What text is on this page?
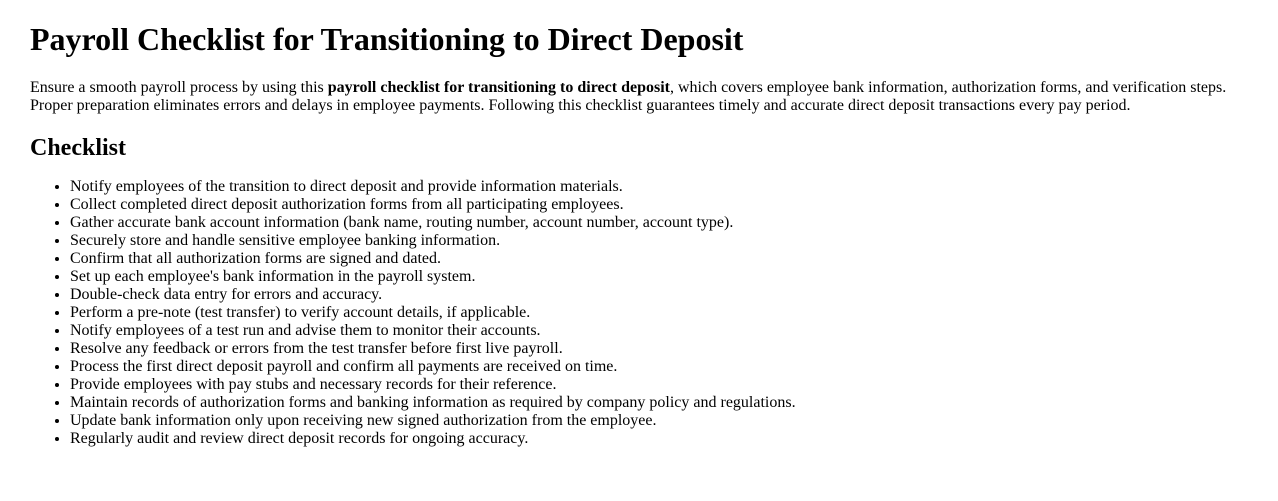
Payroll Checklist for Transitioning to Direct Deposit

Ensure a smooth payroll process by using this payroll checklist for transitioning to direct deposit, which covers employee bank information, authorization forms, and verification steps. Proper preparation eliminates errors and delays in employee payments. Following this checklist guarantees timely and accurate direct deposit transactions every pay period.

Checklist
• Notify employees of the transition to direct deposit and provide information materials.
• Collect completed direct deposit authorization forms from all participating employees.
• Gather accurate bank account information (bank name, routing number, account number, account type).
• Securely store and handle sensitive employee banking information.
• Confirm that all authorization forms are signed and dated.
• Set up each employee's bank information in the payroll system.
• Double-check data entry for errors and accuracy.
• Perform a pre-note (test transfer) to verify account details, if applicable.
• Notify employees of a test run and advise them to monitor their accounts.
• Resolve any feedback or errors from the test transfer before first live payroll.
• Process the first direct deposit payroll and confirm all payments are received on time.
• Provide employees with pay stubs and necessary records for their reference.
• Maintain records of authorization forms and banking information as required by company policy and regulations.
• Update bank information only upon receiving new signed authorization from the employee.
• Regularly audit and review direct deposit records for ongoing accuracy.
